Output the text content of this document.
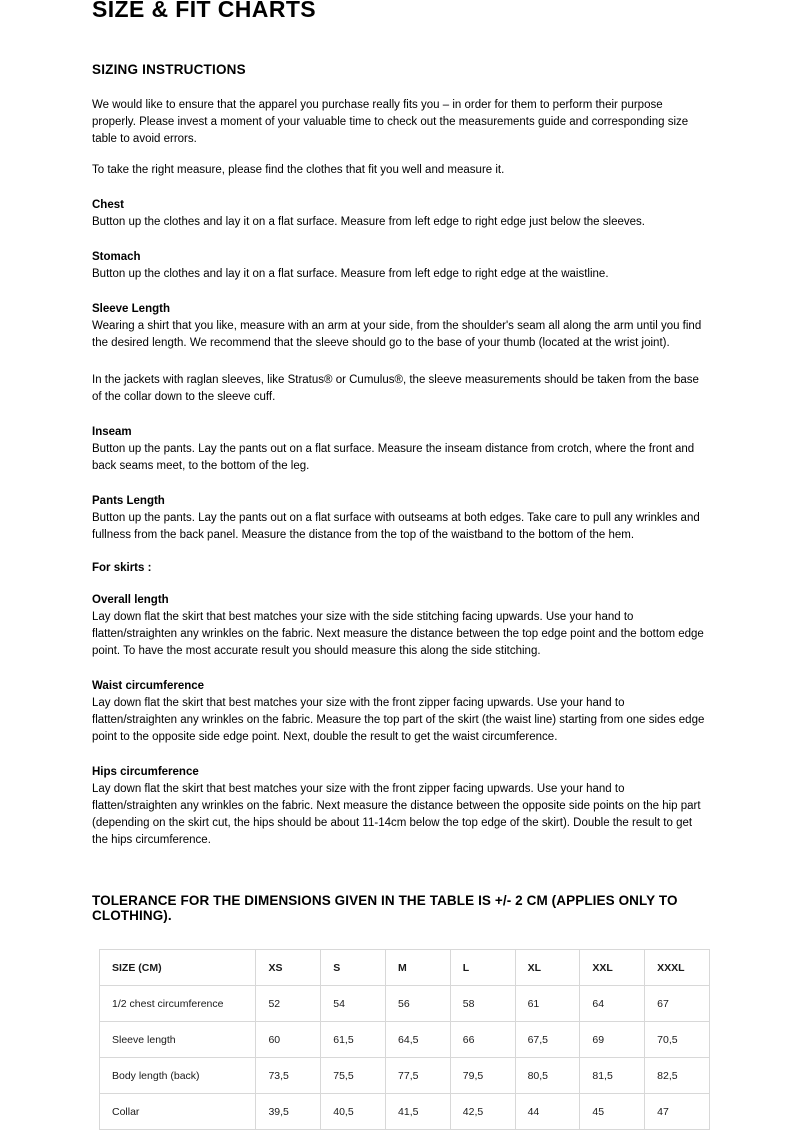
SIZE & FIT CHARTS
SIZING INSTRUCTIONS

We would like to ensure that the apparel you purchase really fits you – in order for them to perform their purpose properly. Please invest a moment of your valuable time to check out the measurements guide and corresponding size table to avoid errors.

To take the right measure, please find the clothes that fit you well and measure it.

Chest

Button up the clothes and lay it on a flat surface. Measure from left edge to right edge just below the sleeves.

Stomach

Button up the clothes and lay it on a flat surface. Measure from left edge to right edge at the waistline.

Sleeve Length

Wearing a shirt that you like, measure with an arm at your side, from the shoulder's seam all along the arm until you find the desired length. We recommend that the sleeve should go to the base of your thumb (located at the wrist joint).

In the jackets with raglan sleeves, like Stratus® or Cumulus®, the sleeve measurements should be taken from the base of the collar down to the sleeve cuff.

Inseam

Button up the pants. Lay the pants out on a flat surface. Measure the inseam distance from crotch, where the front and back seams meet, to the bottom of the leg.

Pants Length

Button up the pants. Lay the pants out on a flat surface with outseams at both edges. Take care to pull any wrinkles and fullness from the back panel. Measure the distance from the top of the waistband to the bottom of the hem.

For skirts :
Overall length

Lay down flat the skirt that best matches your size with the side stitching facing upwards. Use your hand to flatten/straighten any wrinkles on the fabric. Next measure the distance between the top edge point and the bottom edge point. To have the most accurate result you should measure this along the side stitching.

Waist circumference

Lay down flat the skirt that best matches your size with the front zipper facing upwards. Use your hand to flatten/straighten any wrinkles on the fabric. Measure the top part of the skirt (the waist line) starting from one sides edge point to the opposite side edge point. Next, double the result to get the waist circumference.

Hips circumference

Lay down flat the skirt that best matches your size with the front zipper facing upwards. Use your hand to flatten/straighten any wrinkles on the fabric. Next measure the distance between the opposite side points on the hip part (depending on the skirt cut, the hips should be about 11-14cm below the top edge of the skirt). Double the result to get the hips circumference.

TOLERANCE FOR THE DIMENSIONS GIVEN IN THE TABLE IS +/- 2 CM (APPLIES ONLY TO CLOTHING).
SIZE (CM)	XS	S	M	L	XL	XXL	XXXL
1/2 chest circumference	52	54	56	58	61	64	67
Sleeve length	60	61,5	64,5	66	67,5	69	70,5
Body length (back)	73,5	75,5	77,5	79,5	80,5	81,5	82,5
Collar	39,5	40,5	41,5	42,5	44	45	47
